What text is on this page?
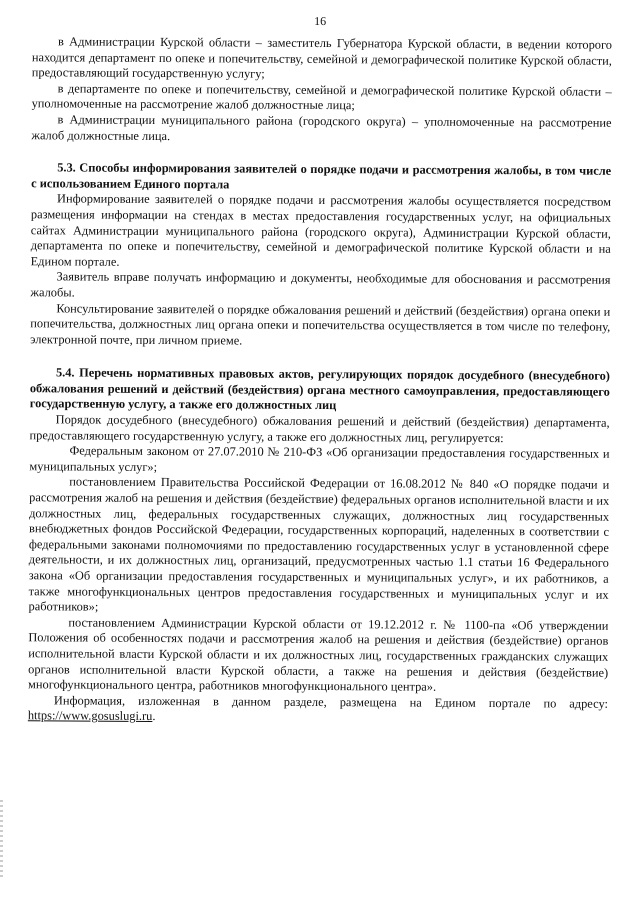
16

в Администрации Курской области – заместитель Губернатора Курской области, в ведении которого находится департамент по опеке и попечительству, семейной и демографической политике Курской области, предоставляющий государственную услугу;

в департаменте по опеке и попечительству, семейной и демографической политике Курской области – уполномоченные на рассмотрение жалоб должностные лица;

в Администрации муниципального района (городского округа) – уполномоченные на рассмотрение жалоб должностные лица.

5.3. Способы информирования заявителей о порядке подачи и рассмотрения жалобы, в том числе с использованием Единого портала

Информирование заявителей о порядке подачи и рассмотрения жалобы осуществляется посредством размещения информации на стендах в местах предоставления государственных услуг, на официальных сайтах Администрации муниципального района (городского округа), Администрации Курской области, департамента по опеке и попечительству, семейной и демографической политике Курской области и на Едином портале.

Заявитель вправе получать информацию и документы, необходимые для обоснования и рассмотрения жалобы.

Консультирование заявителей о порядке обжалования решений и действий (бездействия) органа опеки и попечительства, должностных лиц органа опеки и попечительства осуществляется в том числе по телефону, электронной почте, при личном приеме.

5.4. Перечень нормативных правовых актов, регулирующих порядок досудебного (внесудебного) обжалования решений и действий (бездействия) органа местного самоуправления, предоставляющего государственную услугу, а также его должностных лиц

Порядок досудебного (внесудебного) обжалования решений и действий (бездействия) департамента, предоставляющего государственную услугу, а также его должностных лиц, регулируется:

Федеральным законом от 27.07.2010 № 210-ФЗ «Об организации предоставления государственных и муниципальных услуг»;

постановлением Правительства Российской Федерации от 16.08.2012 № 840 «О порядке подачи и рассмотрения жалоб на решения и действия (бездействие) федеральных органов исполнительной власти и их должностных лиц, федеральных государственных служащих, должностных лиц государственных внебюджетных фондов Российской Федерации, государственных корпораций, наделенных в соответствии с федеральными законами полномочиями по предоставлению государственных услуг в установленной сфере деятельности, и их должностных лиц, организаций, предусмотренных частью 1.1 статьи 16 Федерального закона «Об организации предоставления государственных и муниципальных услуг», и их работников, а также многофункциональных центров предоставления государственных и муниципальных услуг и их работников»;

постановлением Администрации Курской области от 19.12.2012 г. № 1100-па «Об утверждении Положения об особенностях подачи и рассмотрения жалоб на решения и действия (бездействие) органов исполнительной власти Курской области и их должностных лиц, государственных гражданских служащих органов исполнительной власти Курской области, а также на решения и действия (бездействие) многофункционального центра, работников многофункционального центра».

Информация, изложенная в данном разделе, размещена на Едином портале по адресу: https://www.gosuslugi.ru.
